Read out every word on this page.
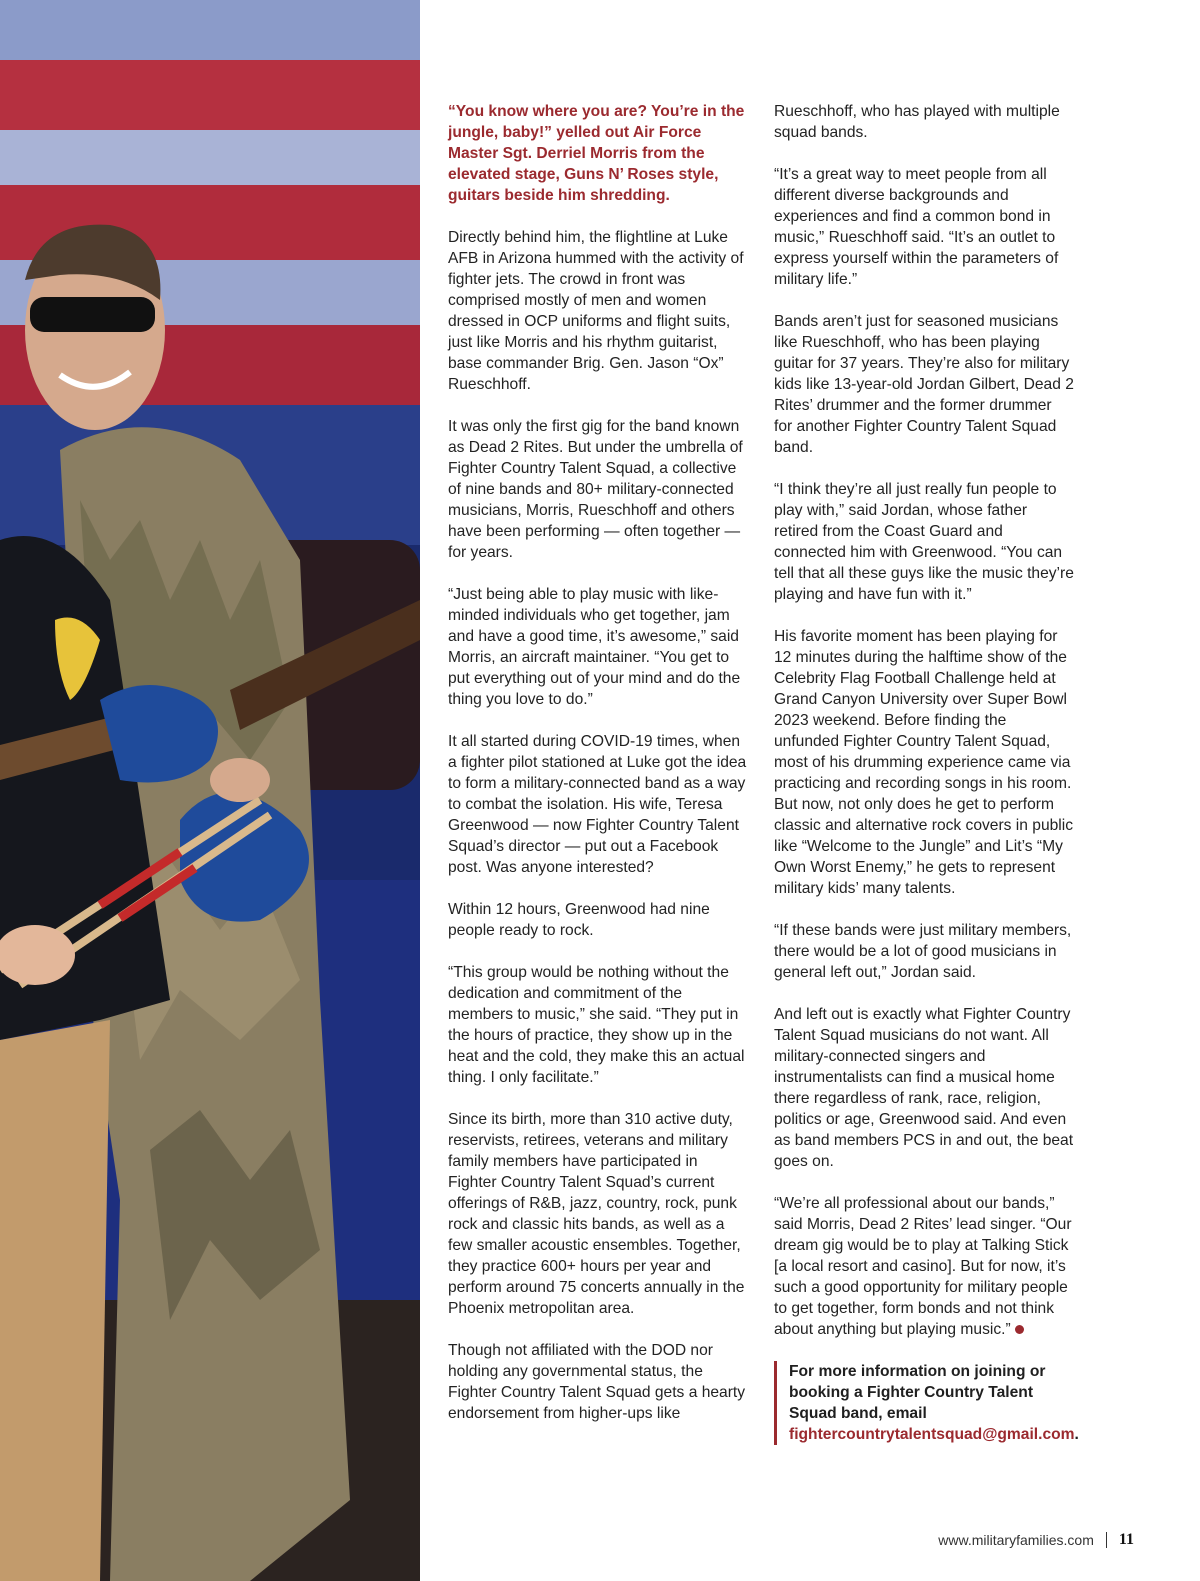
“You know where you are? You’re in the jungle, baby!” yelled out Air Force Master Sgt. Derriel Morris from the elevated stage, Guns N’ Roses style, guitars beside him shredding.

Directly behind him, the flightline at Luke AFB in Arizona hummed with the activity of fighter jets. The crowd in front was comprised mostly of men and women dressed in OCP uniforms and flight suits, just like Morris and his rhythm guitarist, base commander Brig. Gen. Jason “Ox” Rueschhoff.

It was only the first gig for the band known as Dead 2 Rites. But under the umbrella of Fighter Country Talent Squad, a collective of nine bands and 80+ military-connected musicians, Morris, Rueschhoff and others have been performing — often together — for years.

“Just being able to play music with like-minded individuals who get together, jam and have a good time, it’s awesome,” said Morris, an aircraft maintainer. “You get to put everything out of your mind and do the thing you love to do.”

It all started during COVID-19 times, when a fighter pilot stationed at Luke got the idea to form a military-connected band as a way to combat the isolation. His wife, Teresa Greenwood — now Fighter Country Talent Squad’s director — put out a Facebook post. Was anyone interested?

Within 12 hours, Greenwood had nine people ready to rock.

“This group would be nothing without the dedication and commitment of the members to music,” she said. “They put in the hours of practice, they show up in the heat and the cold, they make this an actual thing. I only facilitate.”

Since its birth, more than 310 active duty, reservists, retirees, veterans and military family members have participated in Fighter Country Talent Squad’s current offerings of R&B, jazz, country, rock, punk rock and classic hits bands, as well as a few smaller acoustic ensembles. Together, they practice 600+ hours per year and perform around 75 concerts annually in the Phoenix metropolitan area.

Though not affiliated with the DOD nor holding any governmental status, the Fighter Country Talent Squad gets a hearty endorsement from higher-ups like

Rueschhoff, who has played with multiple squad bands.

“It’s a great way to meet people from all different diverse backgrounds and experiences and find a common bond in music,” Rueschhoff said. “It’s an outlet to express yourself within the parameters of military life.”

Bands aren’t just for seasoned musicians like Rueschhoff, who has been playing guitar for 37 years. They’re also for military kids like 13-year-old Jordan Gilbert, Dead 2 Rites’ drummer and the former drummer for another Fighter Country Talent Squad band.

“I think they’re all just really fun people to play with,” said Jordan, whose father retired from the Coast Guard and connected him with Greenwood. “You can tell that all these guys like the music they’re playing and have fun with it.”

His favorite moment has been playing for 12 minutes during the halftime show of the Celebrity Flag Football Challenge held at Grand Canyon University over Super Bowl 2023 weekend. Before finding the unfunded Fighter Country Talent Squad, most of his drumming experience came via practicing and recording songs in his room. But now, not only does he get to perform classic and alternative rock covers in public like “Welcome to the Jungle” and Lit’s “My Own Worst Enemy,” he gets to represent military kids’ many talents.

“If these bands were just military members, there would be a lot of good musicians in general left out,” Jordan said.

And left out is exactly what Fighter Country Talent Squad musicians do not want. All military-connected singers and instrumentalists can find a musical home there regardless of rank, race, religion, politics or age, Greenwood said. And even as band members PCS in and out, the beat goes on.

“We’re all professional about our bands,” said Morris, Dead 2 Rites’ lead singer. “Our dream gig would be to play at Talking Stick [a local resort and casino]. But for now, it’s such a good opportunity for military people to get together, form bonds and not think about anything but playing music.”

For more information on joining or booking a Fighter Country Talent Squad band, email fightercountrytalentsquad@gmail.com.
www.militaryfamilies.com 11
